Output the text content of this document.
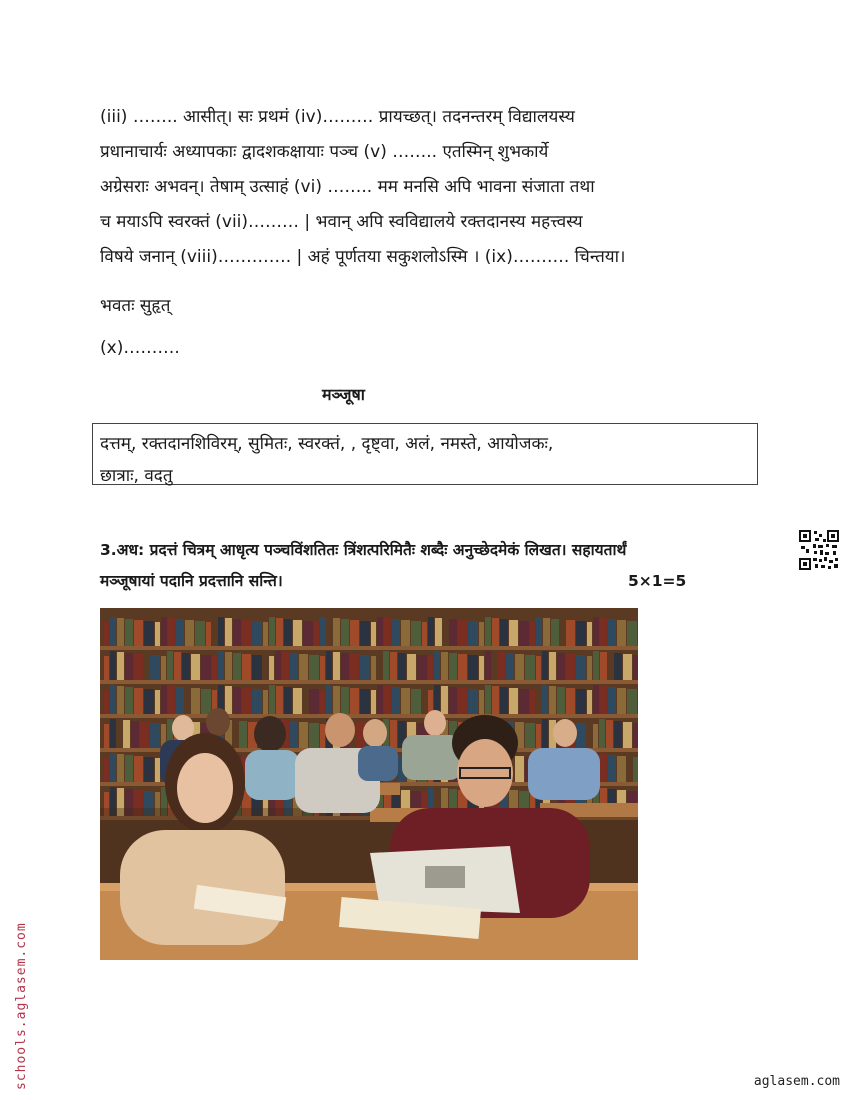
(iii) …….. आसीत्। सः प्रथमं (iv)……… प्रायच्छत्। तदनन्तरम् विद्यालयस्य
प्रधानाचार्यः अध्यापकाः द्वादशकक्षायाः पञ्च (v) …….. एतस्मिन् शुभकार्ये
अग्रेसराः अभवन्। तेषाम् उत्साहं (vi) …….. मम मनसि अपि भावना संजाता तथा
च मयाऽपि स्वरक्तं (vii)……… | भवान् अपि स्वविद्यालये रक्तदानस्य महत्त्वस्य
विषये जनान् (viii)…………. | अहं पूर्णतया सकुशलोऽस्मि । (ix)………. चिन्तया।
भवतः सुहृत्
(x)……….
मञ्जूषा
दत्तम्, रक्तदानशिविरम्, सुमितः, स्वरक्तं, , दृष्ट्वा, अलं, नमस्ते, आयोजकः,
छात्राः, वदतु
3.अध: प्रदत्तं चित्रम् आधृत्य पञ्चविंशतितः त्रिंशत्परिमितैः शब्दैः अनुच्छेदमेकं लिखत। सहायतार्थं
मञ्जूषायां पदानि प्रदत्तानि सन्ति।	5×1=5
schools.aglasem.com	aglasem.com
